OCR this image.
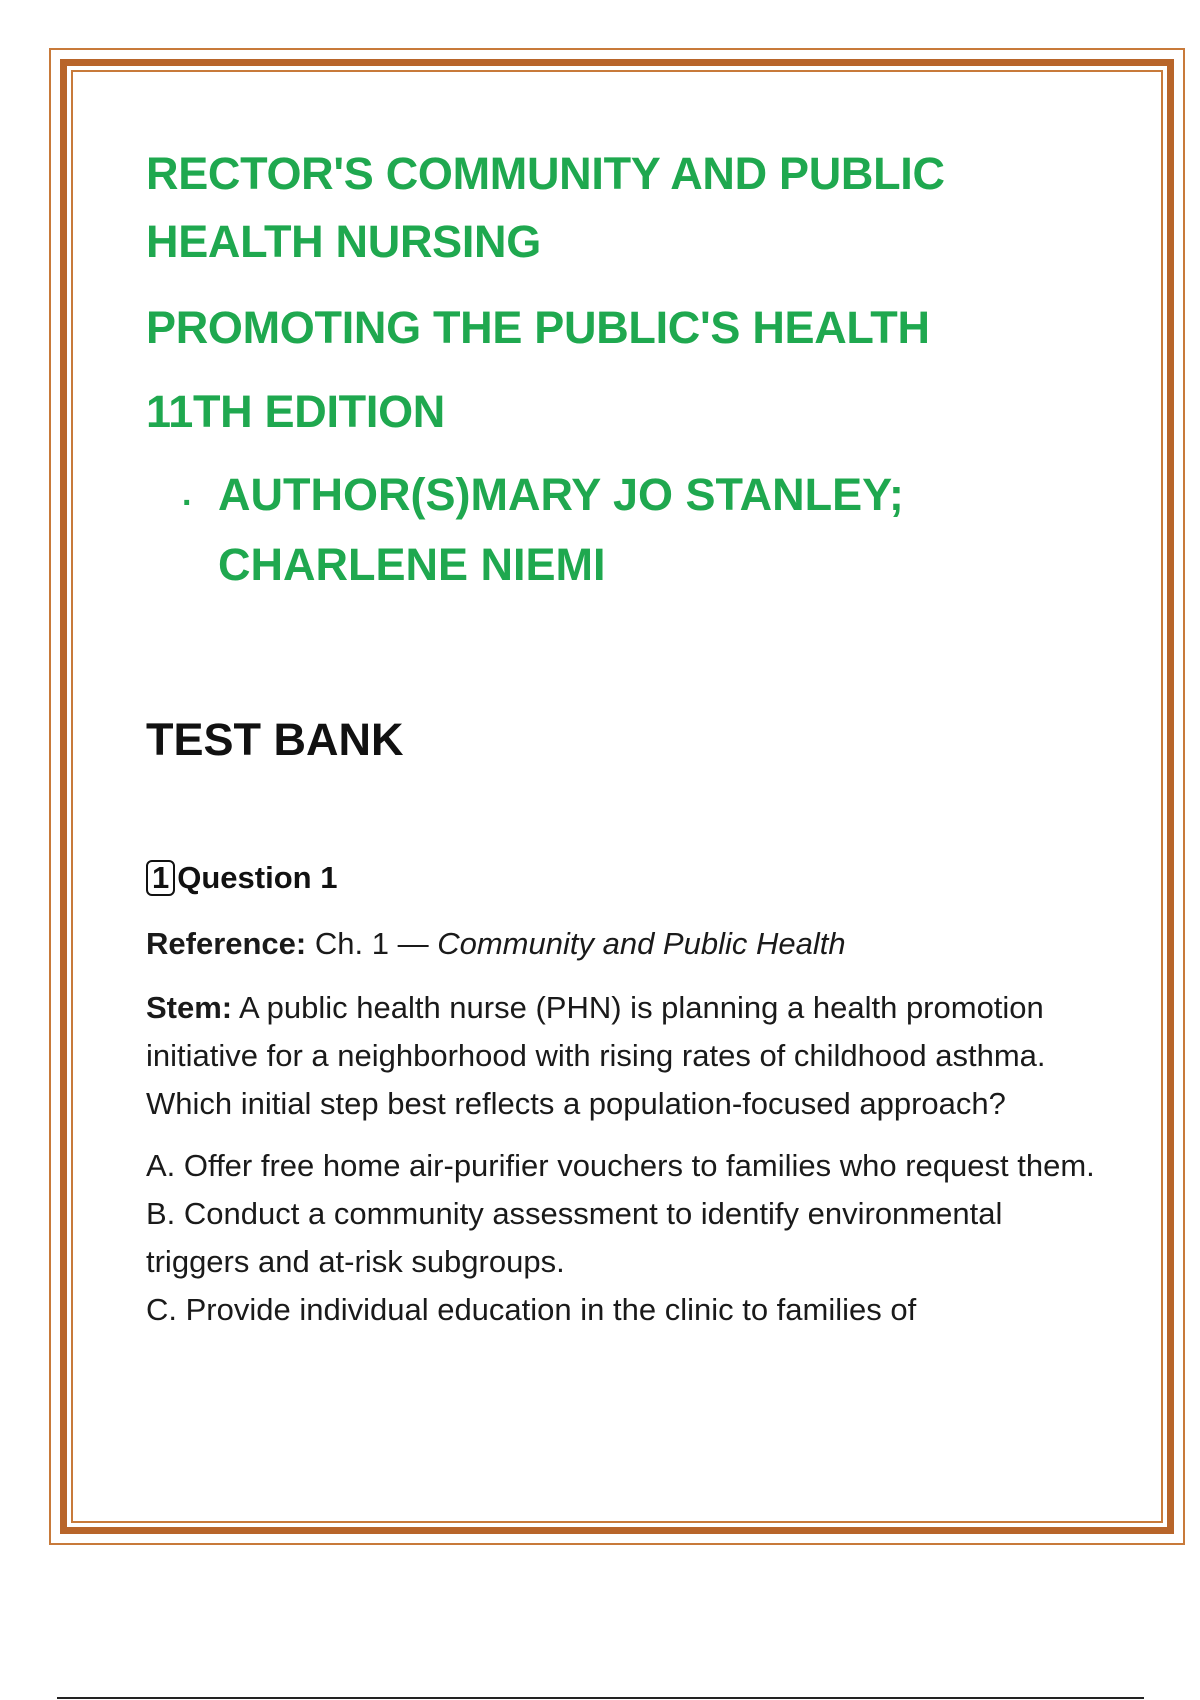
RECTOR'S COMMUNITY AND PUBLIC

HEALTH NURSING

PROMOTING THE PUBLIC'S HEALTH

11TH EDITION

. AUTHOR(S)MARY JO STANLEY;

CHARLENE NIEMI

TEST BANK
1 Question 1
Reference: Ch. 1 — Community and Public Health
Stem: A public health nurse (PHN) is planning a health promotion initiative for a neighborhood with rising rates of childhood asthma. Which initial step best reflects a population-focused approach?

A. Offer free home air-purifier vouchers to families who request them.

B. Conduct a community assessment to identify environmental triggers and at-risk subgroups.

C. Provide individual education in the clinic to families of
